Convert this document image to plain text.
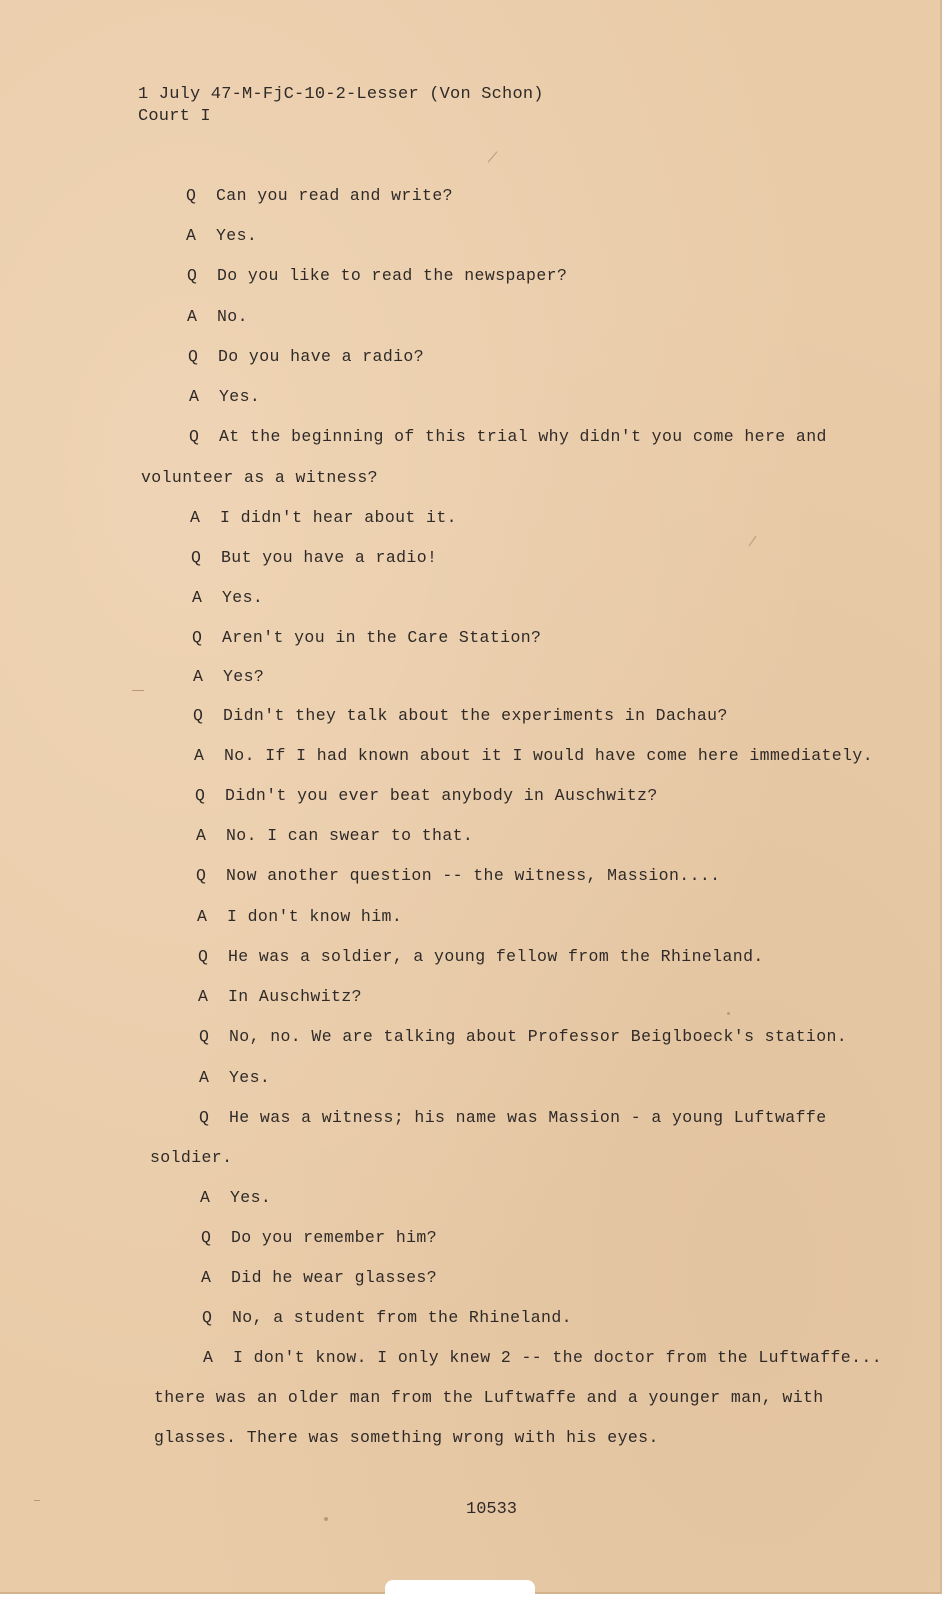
1 July 47-M-FjC-10-2-Lesser (Von Schon)
Court I
Q Can you read and write?
A Yes.
Q Do you like to read the newspaper?
A No.
Q Do you have a radio?
A Yes.
Q At the beginning of this trial why didn't you come here and
volunteer as a witness?
A I didn't hear about it.
Q But you have a radio!
A Yes.
Q Aren't you in the Care Station?
A Yes?
Q Didn't they talk about the experiments in Dachau?
A No. If I had known about it I would have come here immediately.
Q Didn't you ever beat anybody in Auschwitz?
A No. I can swear to that.
Q Now another question -- the witness, Massion....
A I don't know him.
Q He was a soldier, a young fellow from the Rhineland.
A In Auschwitz?
Q No, no. We are talking about Professor Beiglboeck's station.
A Yes.
Q He was a witness; his name was Massion - a young Luftwaffe
soldier.
A Yes.
Q Do you remember him?
A Did he wear glasses?
Q No, a student from the Rhineland.
A I don't know. I only knew 2 -- the doctor from the Luftwaffe...
there was an older man from the Luftwaffe and a younger man, with
glasses. There was something wrong with his eyes.
10533
